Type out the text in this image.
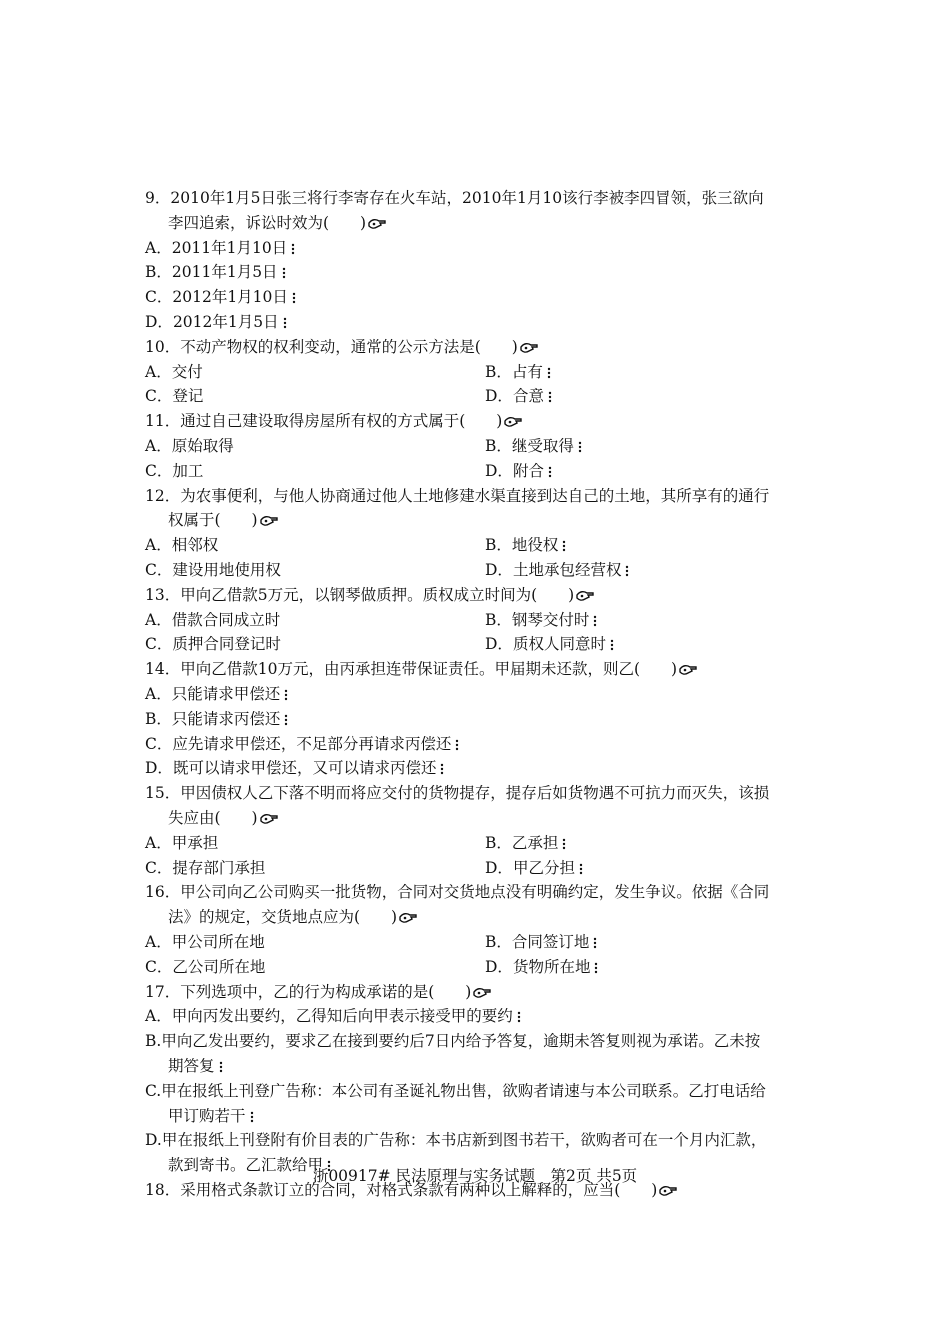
9．2010年1月5日张三将行李寄存在火车站，2010年1月10该行李被李四冒领，张三欲向
李四追索，诉讼时效为(　　)
A．2011年1月10日
B．2011年1月5日
C．2012年1月10日
D．2012年1月5日
10．不动产物权的权利变动，通常的公示方法是(　　)
A．交付	B．占有
C．登记	D．合意
11．通过自己建设取得房屋所有权的方式属于(　　)
A．原始取得	B．继受取得
C．加工	D．附合
12．为农事便利，与他人协商通过他人土地修建水渠直接到达自己的土地，其所享有的通行
权属于(　　)
A．相邻权	B．地役权
C．建设用地使用权	D．土地承包经营权
13．甲向乙借款5万元，以钢琴做质押。质权成立时间为(　　)
A．借款合同成立时	B．钢琴交付时
C．质押合同登记时	D．质权人同意时
14．甲向乙借款10万元，由丙承担连带保证责任。甲届期未还款，则乙(　　)
A．只能请求甲偿还
B．只能请求丙偿还
C．应先请求甲偿还，不足部分再请求丙偿还
D．既可以请求甲偿还，又可以请求丙偿还
15．甲因债权人乙下落不明而将应交付的货物提存，提存后如货物遇不可抗力而灭失，该损
失应由(　　)
A．甲承担	B．乙承担
C．提存部门承担	D．甲乙分担
16．甲公司向乙公司购买一批货物，合同对交货地点没有明确约定，发生争议。依据《合同
法》的规定，交货地点应为(　　)
A．甲公司所在地	B．合同签订地
C．乙公司所在地	D．货物所在地
17．下列选项中，乙的行为构成承诺的是(　　)
A．甲向丙发出要约，乙得知后向甲表示接受甲的要约
B.甲向乙发出要约，要求乙在接到要约后7日内给予答复，逾期未答复则视为承诺。乙未按
期答复
C.甲在报纸上刊登广告称：本公司有圣诞礼物出售，欲购者请速与本公司联系。乙打电话给
甲订购若干
D.甲在报纸上刊登附有价目表的广告称：本书店新到图书若干，欲购者可在一个月内汇款，
款到寄书。乙汇款给甲
18．采用格式条款订立的合同，对格式条款有两种以上解释的，应当(　　)
浙00917# 民法原理与实务试题　第2页 共5页
